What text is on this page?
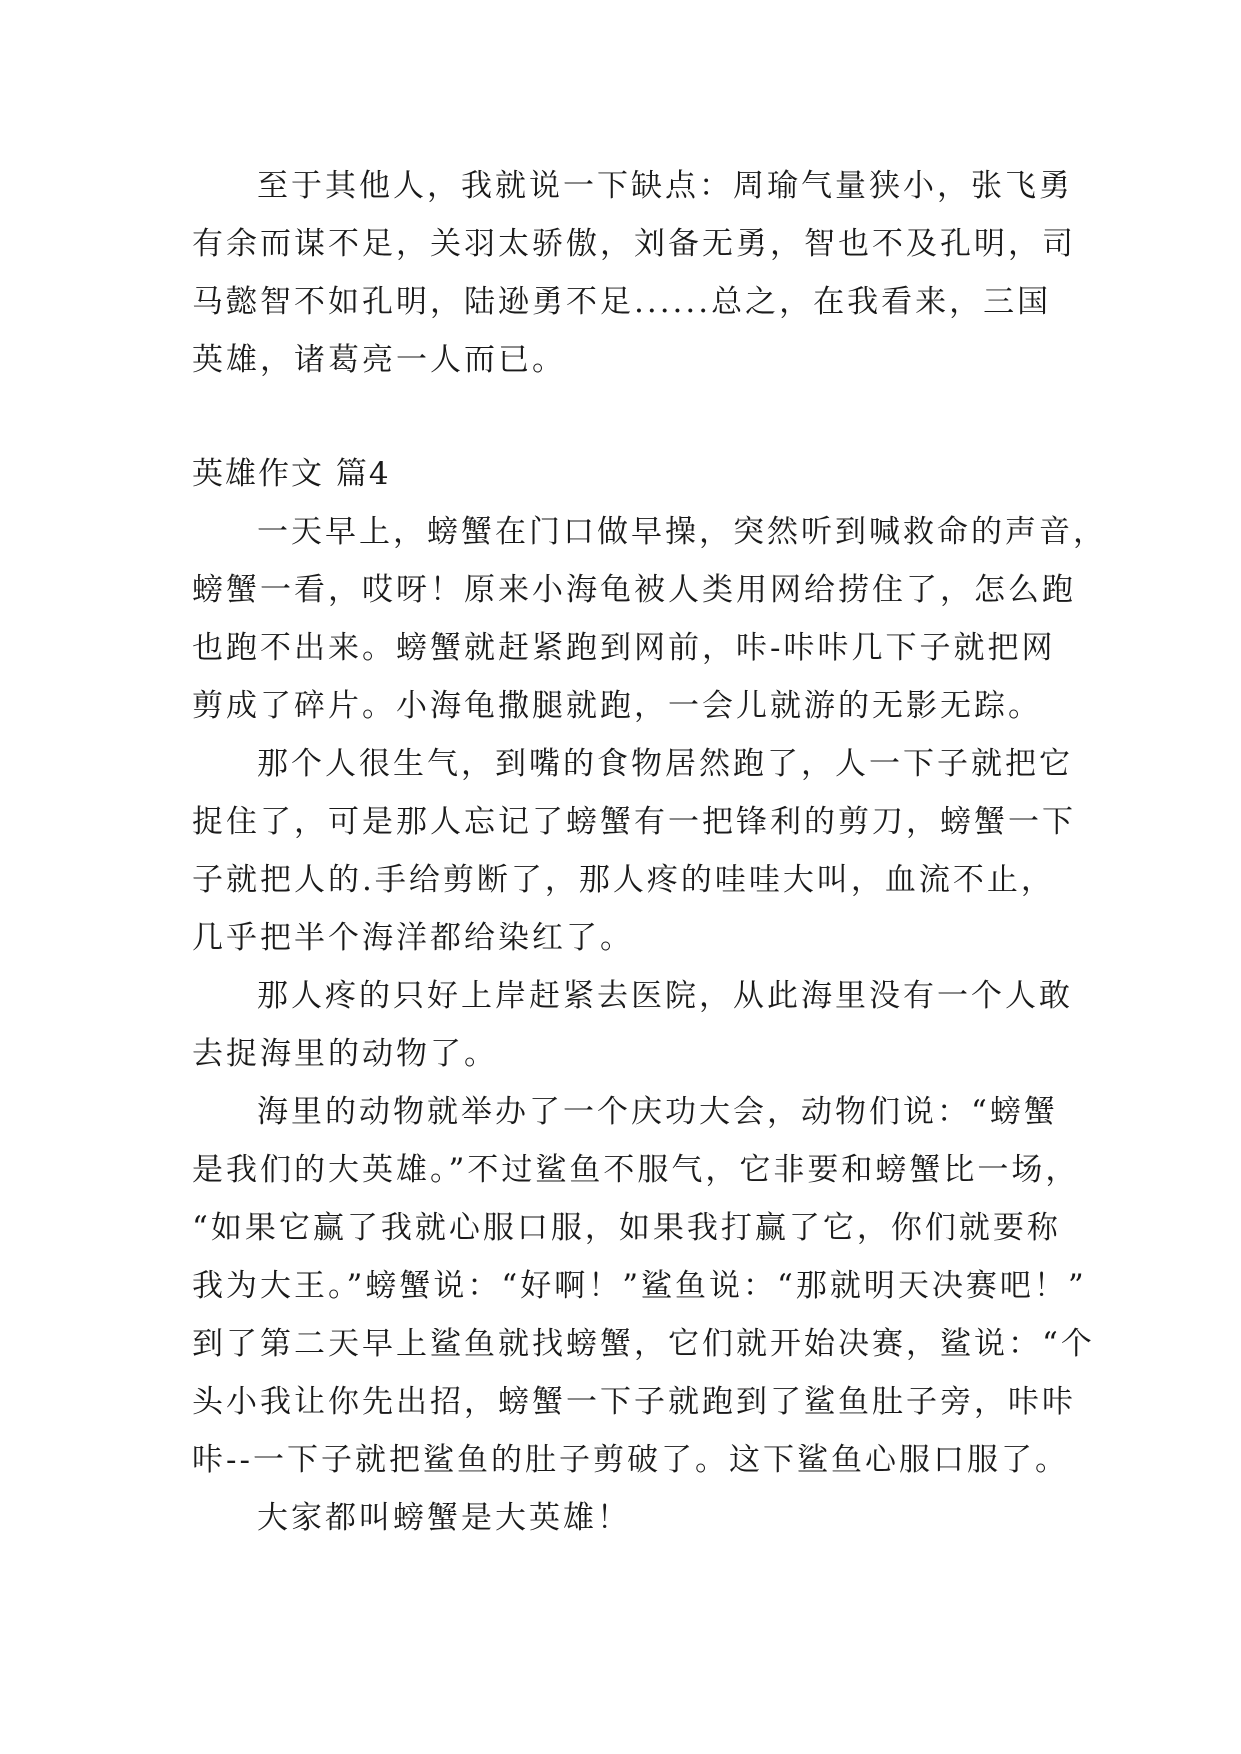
至于其他人，我就说一下缺点：周瑜气量狭小，张飞勇
有余而谋不足，关羽太骄傲，刘备无勇，智也不及孔明，司
马懿智不如孔明，陆逊勇不足......总之，在我看来，三国
英雄，诸葛亮一人而已。
英雄作文 篇4
一天早上，螃蟹在门口做早操，突然听到喊救命的声音，
螃蟹一看，哎呀！原来小海龟被人类用网给捞住了，怎么跑
也跑不出来。螃蟹就赶紧跑到网前，咔-咔咔几下子就把网
剪成了碎片。小海龟撒腿就跑，一会儿就游的无影无踪。
那个人很生气，到嘴的食物居然跑了，人一下子就把它
捉住了，可是那人忘记了螃蟹有一把锋利的剪刀，螃蟹一下
子就把人的.手给剪断了，那人疼的哇哇大叫，血流不止，
几乎把半个海洋都给染红了。
那人疼的只好上岸赶紧去医院，从此海里没有一个人敢
去捉海里的动物了。
海里的动物就举办了一个庆功大会，动物们说：“螃蟹
是我们的大英雄。”不过鲨鱼不服气，它非要和螃蟹比一场，
“如果它赢了我就心服口服，如果我打赢了它，你们就要称
我为大王。”螃蟹说：“好啊！”鲨鱼说：“那就明天决赛吧！”
到了第二天早上鲨鱼就找螃蟹，它们就开始决赛，鲨说：“个
头小我让你先出招，螃蟹一下子就跑到了鲨鱼肚子旁，咔咔
咔--一下子就把鲨鱼的肚子剪破了。这下鲨鱼心服口服了。
大家都叫螃蟹是大英雄！
